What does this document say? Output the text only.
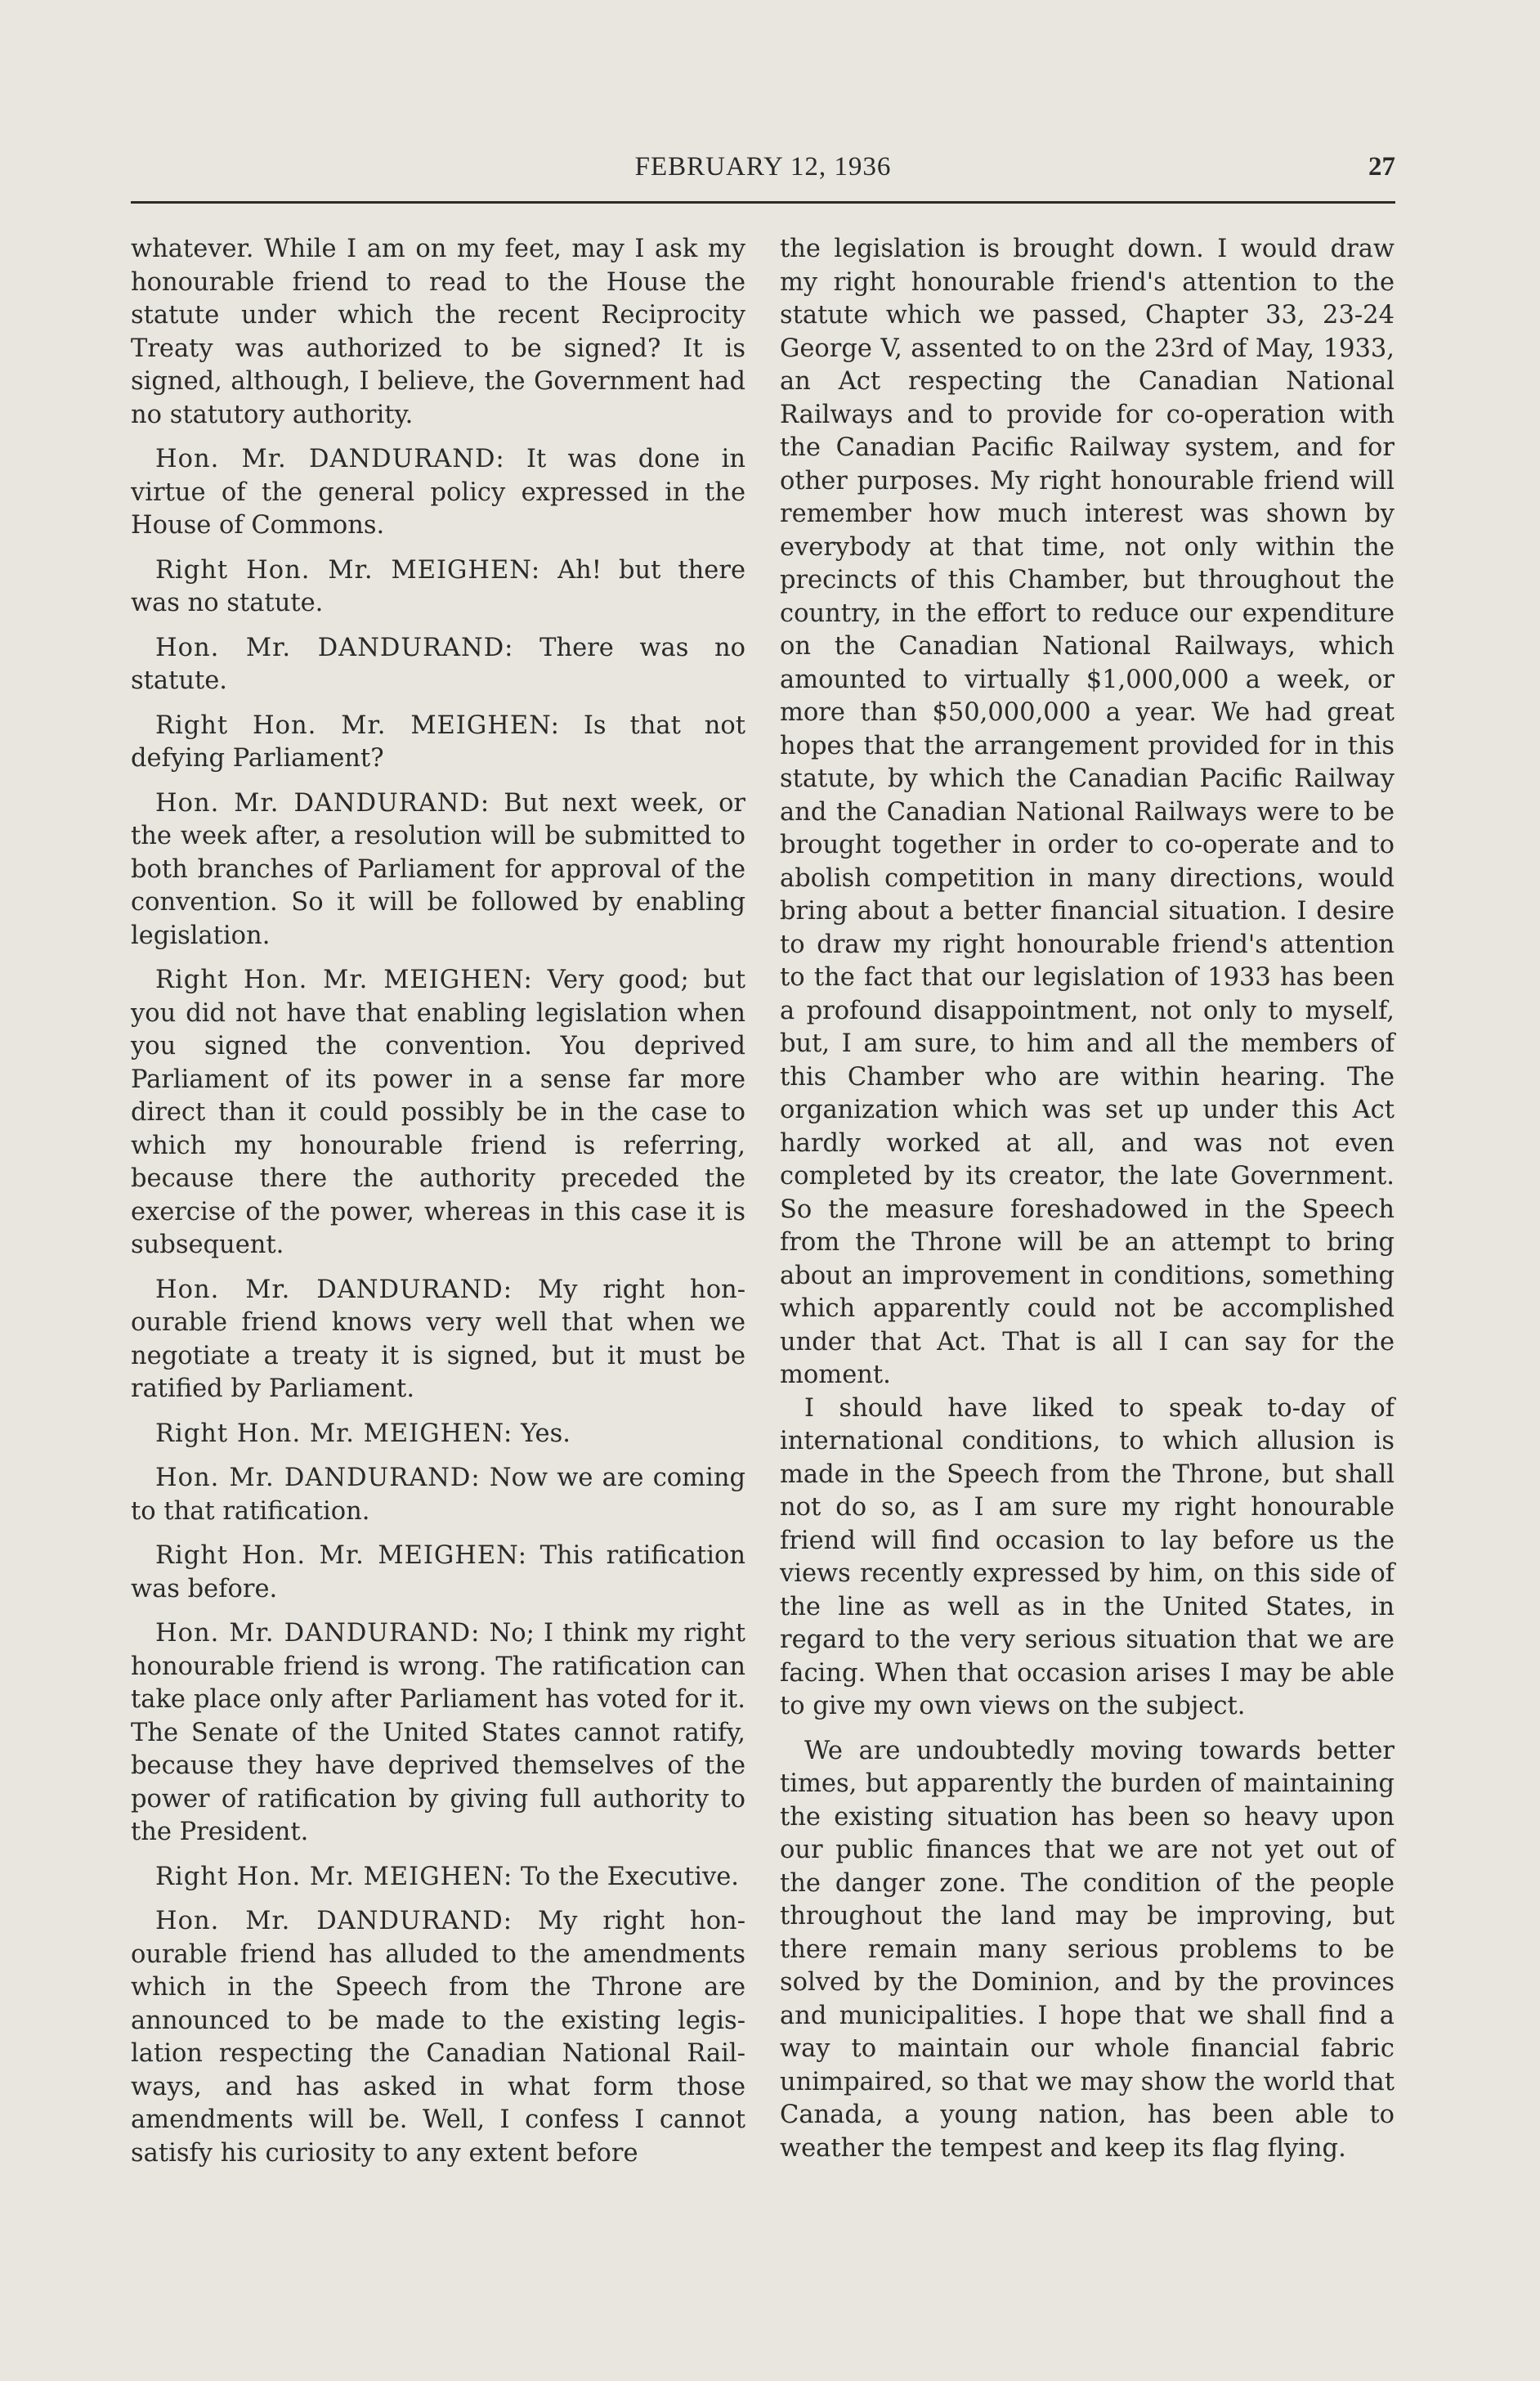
FEBRUARY 12, 1936	27

whatever. While I am on my feet, may I ask my honourable friend to read to the House the statute under which the recent Reciprocity Treaty was authorized to be signed? It is signed, although, I believe, the Government had no statutory authority.

Hon. Mr. DANDURAND: It was done in virtue of the general policy expressed in the House of Commons.

Right Hon. Mr. MEIGHEN: Ah! but there was no statute.

Hon. Mr. DANDURAND: There was no statute.

Right Hon. Mr. MEIGHEN: Is that not defying Parliament?

Hon. Mr. DANDURAND: But next week, or the week after, a resolution will be submitted to both branches of Parliament for approval of the convention. So it will be followed by enabling legislation.

Right Hon. Mr. MEIGHEN: Very good; but you did not have that enabling legislation when you signed the convention. You deprived Parliament of its power in a sense far more direct than it could possibly be in the case to which my honourable friend is referring, because there the authority preceded the exercise of the power, whereas in this case it is subsequent.

Hon. Mr. DANDURAND: My right honourable friend knows very well that when we negotiate a treaty it is signed, but it must be ratified by Parliament.

Right Hon. Mr. MEIGHEN: Yes.

Hon. Mr. DANDURAND: Now we are coming to that ratification.

Right Hon. Mr. MEIGHEN: This ratification was before.

Hon. Mr. DANDURAND: No; I think my right honourable friend is wrong. The ratification can take place only after Parliament has voted for it. The Senate of the United States cannot ratify, because they have deprived themselves of the power of ratification by giving full authority to the President.

Right Hon. Mr. MEIGHEN: To the Executive.

Hon. Mr. DANDURAND: My right honourable friend has alluded to the amendments which in the Speech from the Throne are announced to be made to the existing legislation respecting the Canadian National Railways, and has asked in what form those amendments will be. Well, I confess I cannot satisfy his curiosity to any extent before

the legislation is brought down. I would draw my right honourable friend's attention to the statute which we passed, Chapter 33, 23-24 George V, assented to on the 23rd of May, 1933, an Act respecting the Canadian National Railways and to provide for co-operation with the Canadian Pacific Railway system, and for other purposes. My right honourable friend will remember how much interest was shown by everybody at that time, not only within the precincts of this Chamber, but throughout the country, in the effort to reduce our expenditure on the Canadian National Railways, which amounted to virtually $1,000,000 a week, or more than $50,000,000 a year. We had great hopes that the arrangement provided for in this statute, by which the Canadian Pacific Railway and the Canadian National Railways were to be brought together in order to co-operate and to abolish competition in many directions, would bring about a better financial situation. I desire to draw my right honourable friend's attention to the fact that our legislation of 1933 has been a profound disappointment, not only to myself, but, I am sure, to him and all the members of this Chamber who are within hearing. The organization which was set up under this Act hardly worked at all, and was not even completed by its creator, the late Government. So the measure foreshadowed in the Speech from the Throne will be an attempt to bring about an improvement in conditions, something which apparently could not be accomplished under that Act. That is all I can say for the moment.

I should have liked to speak to-day of international conditions, to which allusion is made in the Speech from the Throne, but shall not do so, as I am sure my right honourable friend will find occasion to lay before us the views recently expressed by him, on this side of the line as well as in the United States, in regard to the very serious situation that we are facing. When that occasion arises I may be able to give my own views on the subject.

We are undoubtedly moving towards better times, but apparently the burden of maintaining the existing situation has been so heavy upon our public finances that we are not yet out of the danger zone. The condition of the people throughout the land may be improving, but there remain many serious problems to be solved by the Dominion, and by the provinces and municipalities. I hope that we shall find a way to maintain our whole financial fabric unimpaired, so that we may show the world that Canada, a young nation, has been able to weather the tempest and keep its flag flying.
